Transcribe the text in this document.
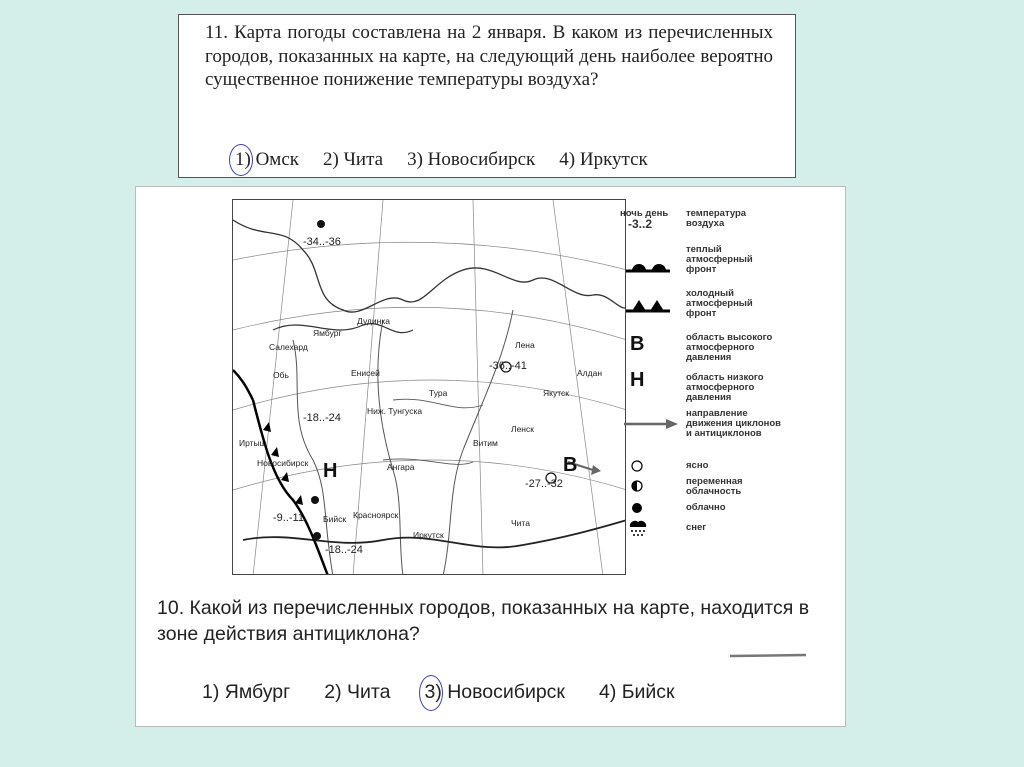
11. Карта погоды составлена на 2 января. В каком из перечисленных городов, показанных на карте, на следующий день наиболее вероятно существенное понижение температуры воздуха?
1) Омск 2) Чита 3) Новосибирск 4) Иркутск
Дудинка
Ямбург
Салехард
Тура	Якутск
Ленск
Витим
Новосибирск
Красноярск
Бийск
Иркутск
Чита
Алдан
Обь	Енисей
Лена
Ниж. Тунгуска
Ангара
Иртыш
-34..-36
-36..-41
-18..-24
-27..-32
-9..-11
-18..-24
В
Н
ночь день
-3..2
температура воздуха
теплый атмосферный фронт
холодный атмосферный фронт
В	область высокого атмосферного давления
Н	область низкого атмосферного давления
направление движения циклонов и антициклонов
ясно
переменная облачность
облачно
снег
10. Какой из перечисленных городов, показанных на карте, находится в зоне действия антициклона?
1) Ямбург 2) Чита 3) Новосибирск 4) Бийск
